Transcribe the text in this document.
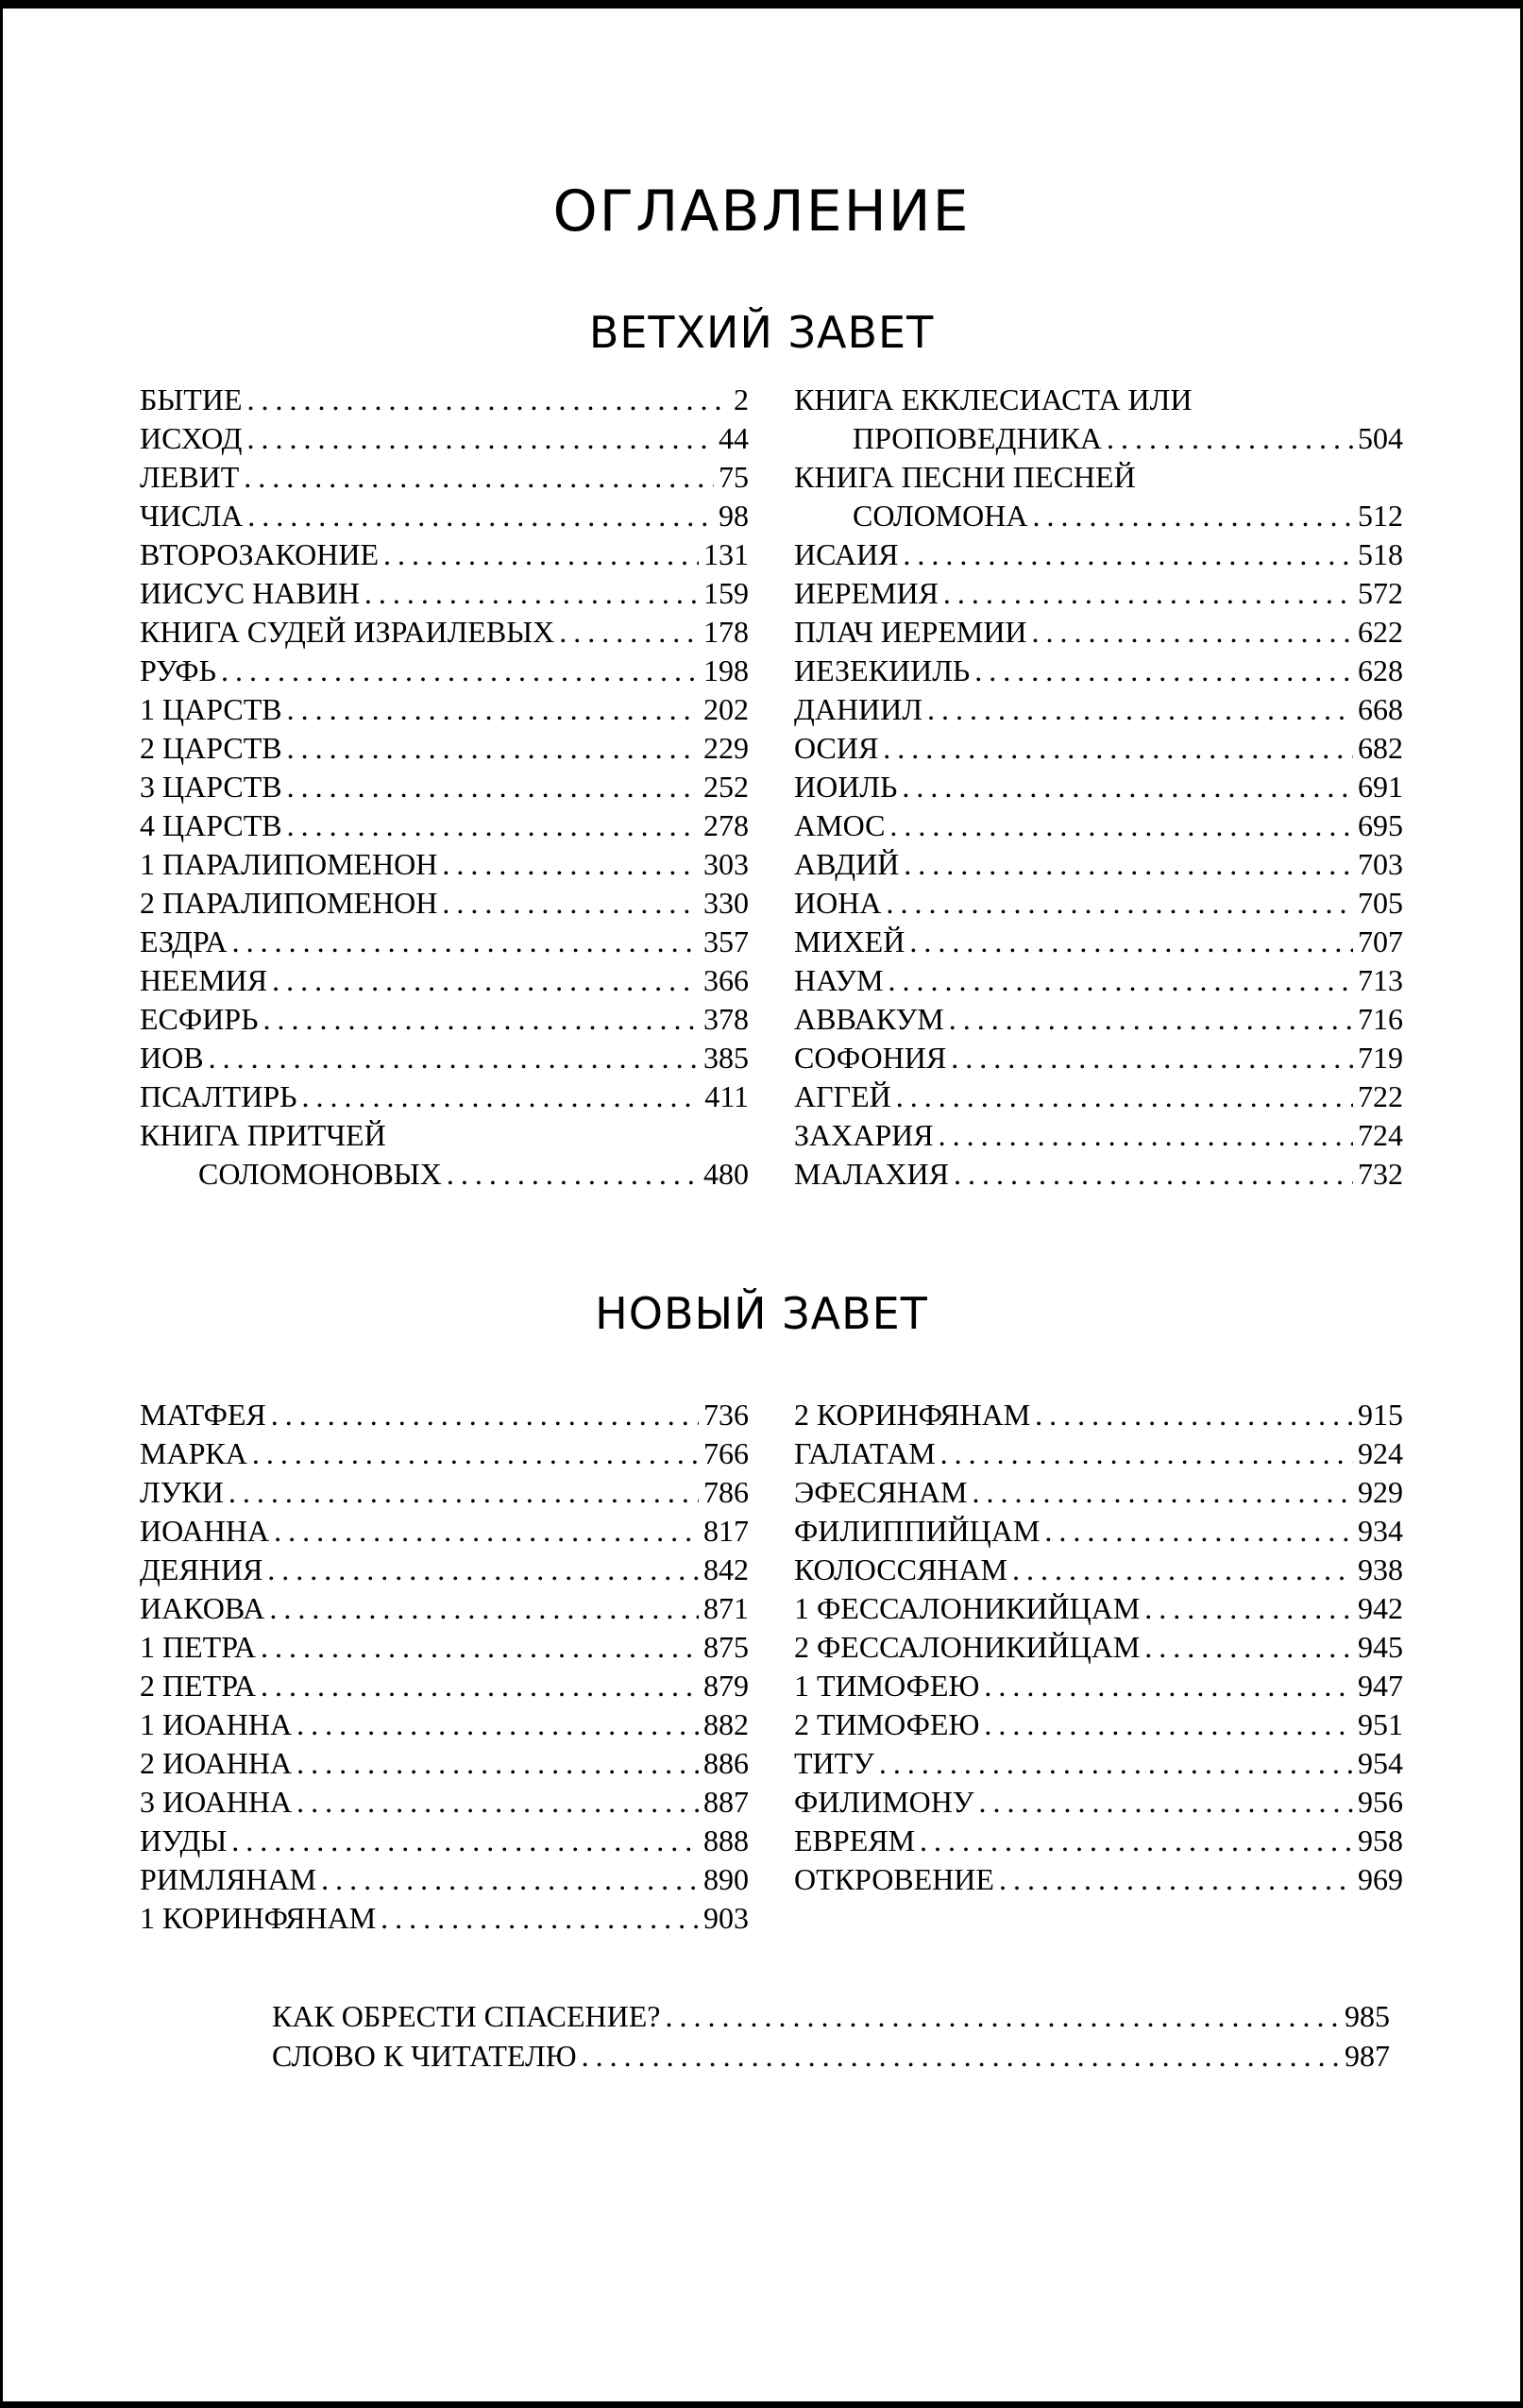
ОГЛАВЛЕНИЕ
ВЕТХИЙ ЗАВЕТ
БЫТИЕ .....	2
ИСХОД .....	44
ЛЕВИТ .....	75
ЧИСЛА .....	98
ВТОРОЗАКОНИЕ .....	131
ИИСУС НАВИН .....	159
КНИГА СУДЕЙ ИЗРАИЛЕВЫХ .....	178
РУФЬ .....	198
1 ЦАРСТВ .....	202
2 ЦАРСТВ .....	229
3 ЦАРСТВ .....	252
4 ЦАРСТВ .....	278
1 ПАРАЛИПОМЕНОН .....	303
2 ПАРАЛИПОМЕНОН .....	330
ЕЗДРА .....	357
НЕЕМИЯ .....	366
ЕСФИРЬ .....	378
ИОВ .....	385
ПСАЛТИРЬ .....	411
КНИГА ПРИТЧЕЙ
СОЛОМОНОВЫХ .....	480
КНИГА ЕККЛЕСИАСТА ИЛИ
ПРОПОВЕДНИКА .....	504
КНИГА ПЕСНИ ПЕСНЕЙ
СОЛОМОНА .....	512
ИСАИЯ .....	518
ИЕРЕМИЯ .....	572
ПЛАЧ ИЕРЕМИИ .....	622
ИЕЗЕКИИЛЬ .....	628
ДАНИИЛ .....	668
ОСИЯ .....	682
ИОИЛЬ .....	691
АМОС .....	695
АВДИЙ .....	703
ИОНА .....	705
МИХЕЙ .....	707
НАУМ .....	713
АВВАКУМ .....	716
СОФОНИЯ .....	719
АГГЕЙ .....	722
ЗАХАРИЯ .....	724
МАЛАХИЯ .....	732
НОВЫЙ ЗАВЕТ
МАТФЕЯ .....	736
МАРКА .....	766
ЛУКИ .....	786
ИОАННА .....	817
ДЕЯНИЯ .....	842
ИАКОВА .....	871
1 ПЕТРА .....	875
2 ПЕТРА .....	879
1 ИОАННА .....	882
2 ИОАННА .....	886
3 ИОАННА .....	887
ИУДЫ .....	888
РИМЛЯНАМ .....	890
1 КОРИНФЯНАМ .....	903
2 КОРИНФЯНАМ .....	915
ГАЛАТАМ .....	924
ЭФЕСЯНАМ .....	929
ФИЛИППИЙЦАМ .....	934
КОЛОССЯНАМ .....	938
1 ФЕССАЛОНИКИЙЦАМ .....	942
2 ФЕССАЛОНИКИЙЦАМ .....	945
1 ТИМОФЕЮ .....	947
2 ТИМОФЕЮ .....	951
ТИТУ .....	954
ФИЛИМОНУ .....	956
ЕВРЕЯМ .....	958
ОТКРОВЕНИЕ .....	969
КАК ОБРЕСТИ СПАСЕНИЕ? .....	985
СЛОВО К ЧИТАТЕЛЮ .....	987
